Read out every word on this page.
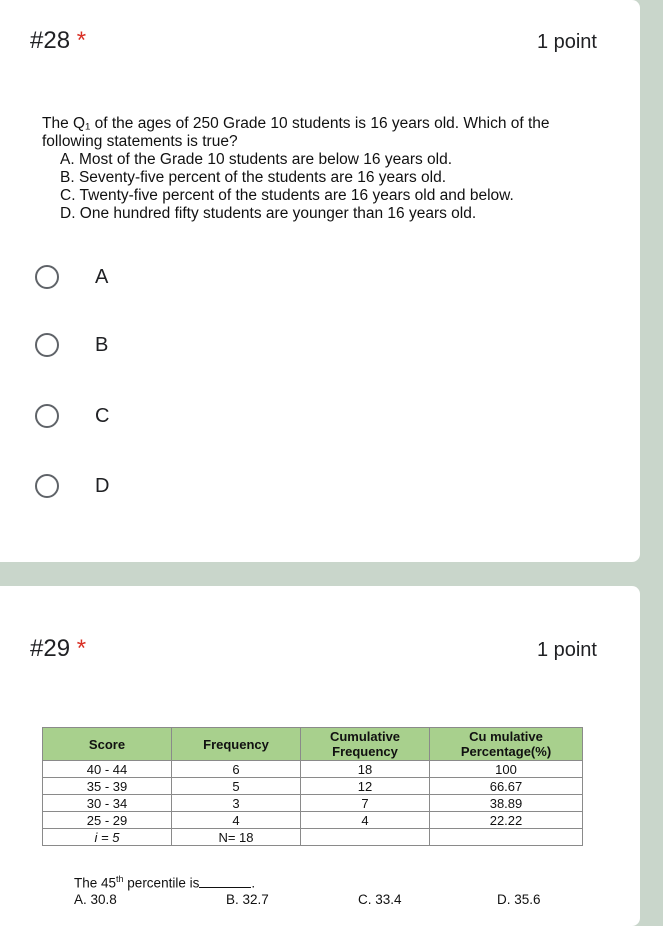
#28 *	1 point
The Q₁ of the ages of 250 Grade 10 students is 16 years old. Which of the
following statements is true?
A. Most of the Grade 10 students are below 16 years old.
B. Seventy-five percent of the students are 16 years old.
C. Twenty-five percent of the students are 16 years old and below.
D. One hundred fifty students are younger than 16 years old.
A
B
C
D
#29 *	1 point
Score	Frequency	Cumulative Frequency	Cu mulative Percentage(%)
40 - 44	6	18	100
35 - 39	5	12	66.67
30 - 34	3	7	38.89
25 - 29	4	4	22.22
i = 5	N= 18		
The 45th percentile is	.
A. 30.8	B. 32.7	C. 33.4	D. 35.6
